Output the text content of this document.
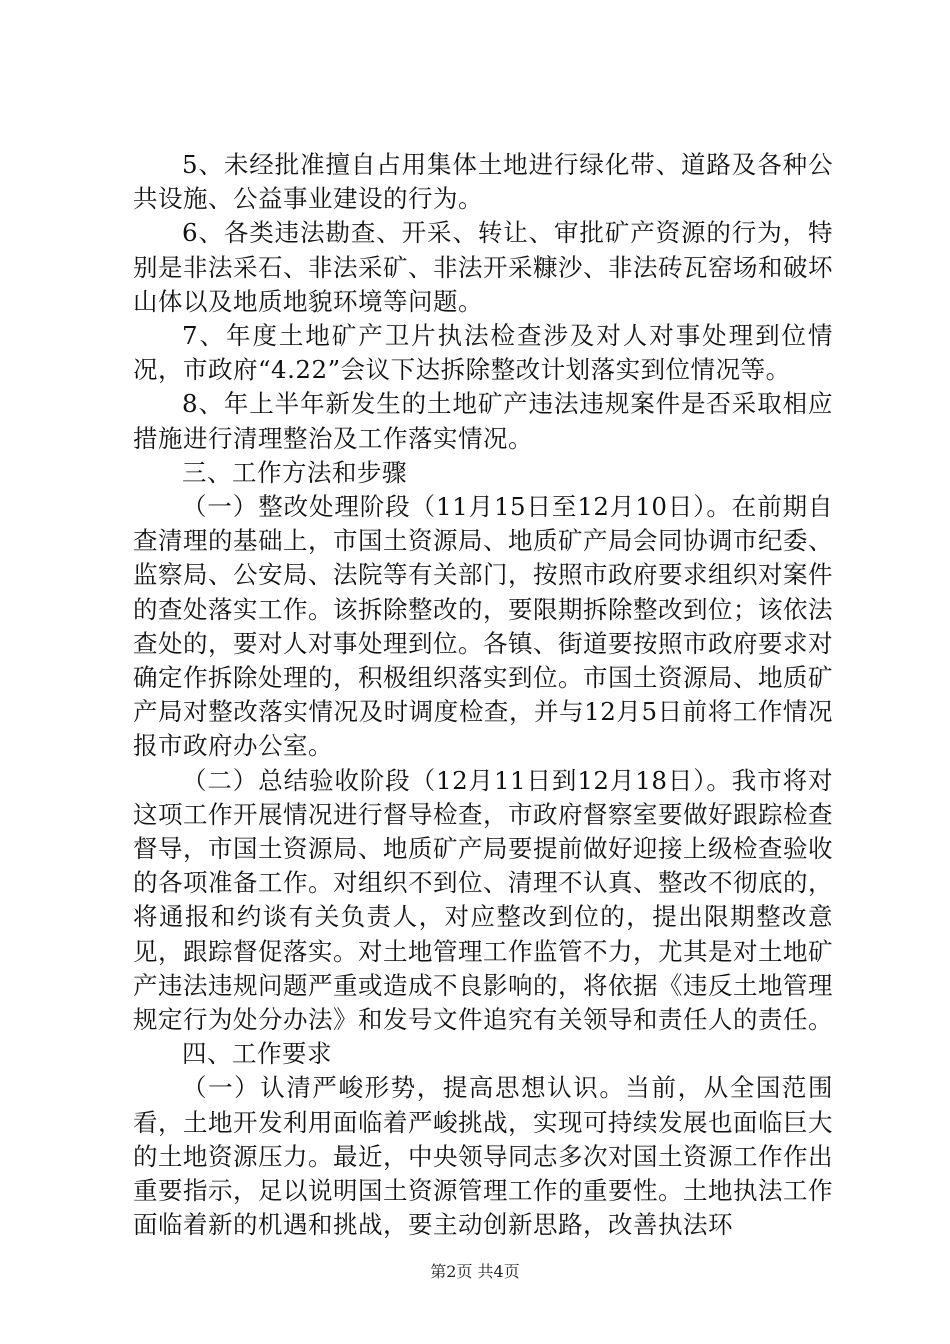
5、未经批准擅自占用集体土地进行绿化带、道路及各种公共设施、公益事业建设的行为。

6、各类违法勘查、开采、转让、审批矿产资源的行为，特别是非法采石、非法采矿、非法开采糠沙、非法砖瓦窑场和破坏山体以及地质地貌环境等问题。

7、年度土地矿产卫片执法检查涉及对人对事处理到位情况，市政府“4.22”会议下达拆除整改计划落实到位情况等。

8、年上半年新发生的土地矿产违法违规案件是否采取相应措施进行清理整治及工作落实情况。

三、工作方法和步骤

（一）整改处理阶段（11月15日至12月10日）。在前期自查清理的基础上，市国土资源局、地质矿产局会同协调市纪委、监察局、公安局、法院等有关部门，按照市政府要求组织对案件的查处落实工作。该拆除整改的，要限期拆除整改到位；该依法查处的，要对人对事处理到位。各镇、街道要按照市政府要求对确定作拆除处理的，积极组织落实到位。市国土资源局、地质矿产局对整改落实情况及时调度检查，并与12月5日前将工作情况报市政府办公室。

（二）总结验收阶段（12月11日到12月18日）。我市将对这项工作开展情况进行督导检查，市政府督察室要做好跟踪检查督导，市国土资源局、地质矿产局要提前做好迎接上级检查验收的各项准备工作。对组织不到位、清理不认真、整改不彻底的，将通报和约谈有关负责人，对应整改到位的，提出限期整改意见，跟踪督促落实。对土地管理工作监管不力，尤其是对土地矿产违法违规问题严重或造成不良影响的，将依据《违反土地管理规定行为处分办法》和发号文件追究有关领导和责任人的责任。

四、工作要求

（一）认清严峻形势，提高思想认识。当前，从全国范围看，土地开发利用面临着严峻挑战，实现可持续发展也面临巨大的土地资源压力。最近，中央领导同志多次对国土资源工作作出重要指示，足以说明国土资源管理工作的重要性。土地执法工作面临着新的机遇和挑战，要主动创新思路，改善执法环

第2页 共4页
